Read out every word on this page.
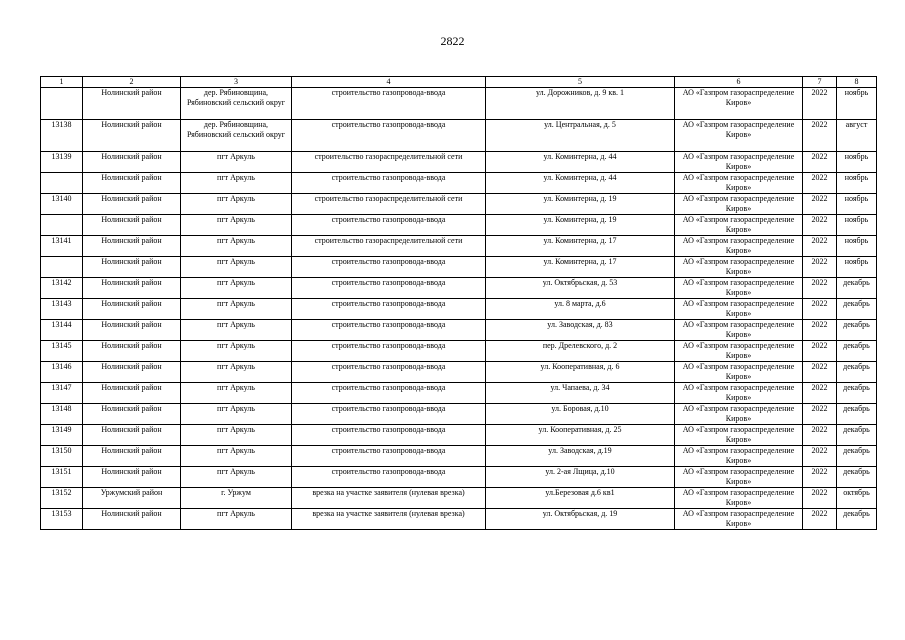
2822
1	2	3	4	5	6	7	8
	Нолинский район	дер. Рябиновщина, Рябиновский сельский округ	строительство газопровода-ввода	ул. Дорожников, д. 9 кв. 1	АО «Газпром газораспределение Киров»	2022	ноябрь
13138	Нолинский район	дер. Рябиновщина, Рябиновский сельский округ	строительство газопровода-ввода	ул. Центральная, д. 5	АО «Газпром газораспределение Киров»	2022	август
13139	Нолинский район	пгт Аркуль	строительство газораспределительной сети	ул. Коминтерна, д. 44	АО «Газпром газораспределение Киров»	2022	ноябрь
	Нолинский район	пгт Аркуль	строительство газопровода-ввода	ул. Коминтерна, д. 44	АО «Газпром газораспределение Киров»	2022	ноябрь
13140	Нолинский район	пгт Аркуль	строительство газораспределительной сети	ул. Коминтерна, д. 19	АО «Газпром газораспределение Киров»	2022	ноябрь
	Нолинский район	пгт Аркуль	строительство газопровода-ввода	ул. Коминтерна, д. 19	АО «Газпром газораспределение Киров»	2022	ноябрь
13141	Нолинский район	пгт Аркуль	строительство газораспределительной сети	ул. Коминтерна, д. 17	АО «Газпром газораспределение Киров»	2022	ноябрь
	Нолинский район	пгт Аркуль	строительство газопровода-ввода	ул. Коминтерна, д. 17	АО «Газпром газораспределение Киров»	2022	ноябрь
13142	Нолинский район	пгт Аркуль	строительство газопровода-ввода	ул. Октябрьская, д. 53	АО «Газпром газораспределение Киров»	2022	декабрь
13143	Нолинский район	пгт Аркуль	строительство газопровода-ввода	ул. 8 марта, д.6	АО «Газпром газораспределение Киров»	2022	декабрь
13144	Нолинский район	пгт Аркуль	строительство газопровода-ввода	ул. Заводская, д. 83	АО «Газпром газораспределение Киров»	2022	декабрь
13145	Нолинский район	пгт Аркуль	строительство газопровода-ввода	пер. Дрелевского, д. 2	АО «Газпром газораспределение Киров»	2022	декабрь
13146	Нолинский район	пгт Аркуль	строительство газопровода-ввода	ул. Кооперативная, д. 6	АО «Газпром газораспределение Киров»	2022	декабрь
13147	Нолинский район	пгт Аркуль	строительство газопровода-ввода	ул. Чапаева, д. 34	АО «Газпром газораспределение Киров»	2022	декабрь
13148	Нолинский район	пгт Аркуль	строительство газопровода-ввода	ул. Боровая, д.10	АО «Газпром газораспределение Киров»	2022	декабрь
13149	Нолинский район	пгт Аркуль	строительство газопровода-ввода	ул. Кооперативная, д. 25	АО «Газпром газораспределение Киров»	2022	декабрь
13150	Нолинский район	пгт Аркуль	строительство газопровода-ввода	ул. Заводская, д.19	АО «Газпром газораспределение Киров»	2022	декабрь
13151	Нолинский район	пгт Аркуль	строительство газопровода-ввода	ул. 2-ая Лщица, д.10	АО «Газпром газораспределение Киров»	2022	декабрь
13152	Уржумский район	г. Уржум	врезка на участке заявителя (нулевая врезка)	ул.Березовая д.6 кв1	АО «Газпром газораспределение Киров»	2022	октябрь
13153	Нолинский район	пгт Аркуль	врезка на участке заявителя (нулевая врезка)	ул. Октябрьская, д. 19	АО «Газпром газораспределение Киров»	2022	декабрь
